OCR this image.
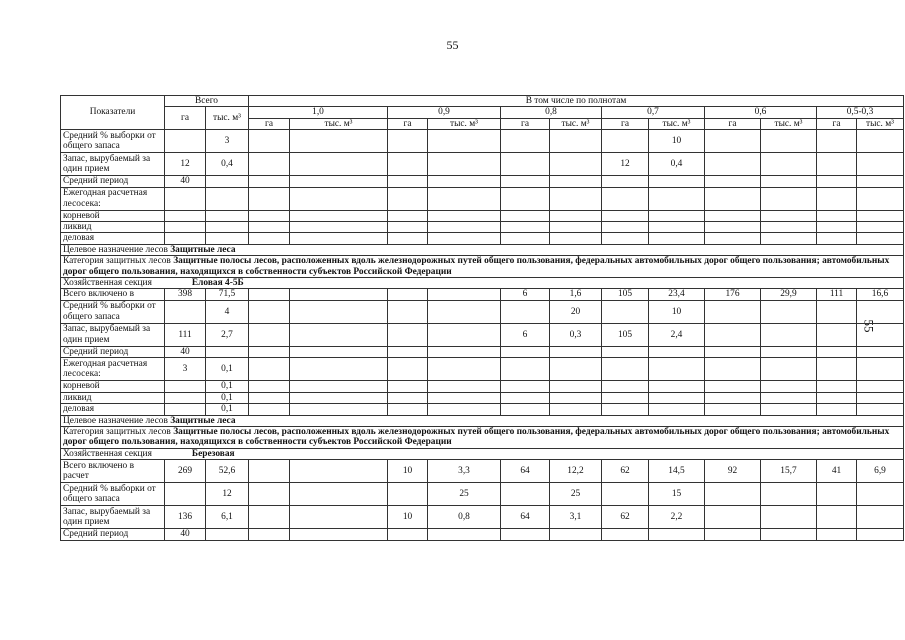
55
55
Показатели	Всего		В том числе по полнотам											
	га	тыс. м³	1,0		0,9		0,8		0,7		0,6		0,5-0,3	
			га	тыс. м³	га	тыс. м³	га	тыс. м³	га	тыс. м³	га	тыс. м³	га	тыс. м³
Средний % выборки от общего запаса		3								10				
Запас, вырубаемый за один прием	12	0,4							12	0,4				
Средний период	40													
Ежегодная расчетная лесосека:														
корневой														
ликвид														
деловая														
Целевое назначение лесов Защитные леса														
Категория защитных лесов Защитные полосы лесов, расположенных вдоль железнодорожных путей общего пользования, федеральных автомобильных дорог общего пользования; автомобильных дорог общего пользования, находящихся в собственности субъектов Российской Федерации														
Хозяйственная секция Еловая 4-5Б														
Всего включено в	398	71,5					6	1,6	105	23,4	176	29,9	111	16,6
Средний % выборки от общего запаса		4						20		10				
Запас, вырубаемый за один прием	111	2,7					6	0,3	105	2,4				
Средний период	40													
Ежегодная расчетная лесосека:	3	0,1												
корневой		0,1												
ликвид		0,1												
деловая		0,1												
Целевое назначение лесов Защитные леса														
Категория защитных лесов Защитные полосы лесов, расположенных вдоль железнодорожных путей общего пользования, федеральных автомобильных дорог общего пользования; автомобильных дорог общего пользования, находящихся в собственности субъектов Российской Федерации														
Хозяйственная секция Березовая														
Всего включено в расчет	269	52,6			10	3,3	64	12,2	62	14,5	92	15,7	41	6,9
Средний % выборки от общего запаса		12				25		25		15				
Запас, вырубаемый за один прием	136	6,1			10	0,8	64	3,1	62	2,2				
Средний период	40													
